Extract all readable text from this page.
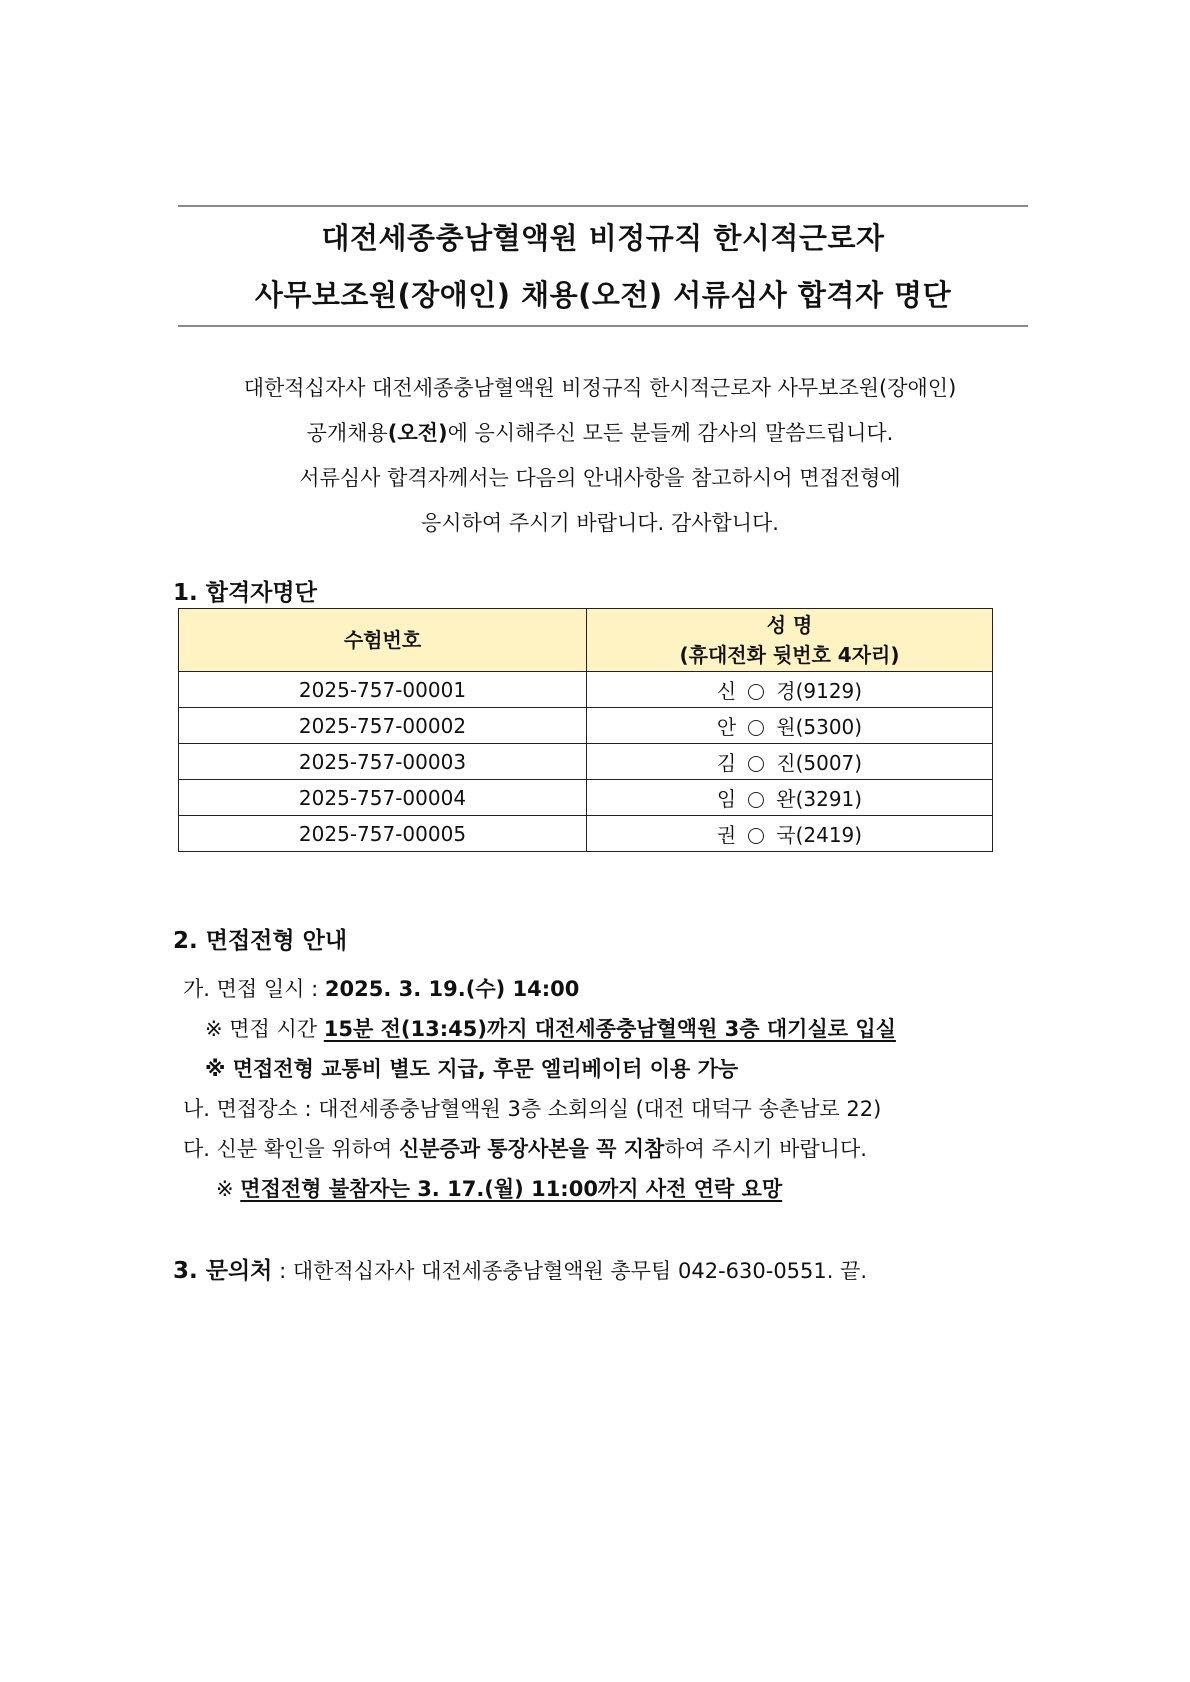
대전세종충남혈액원 비정규직 한시적근로자
사무보조원(장애인) 채용(오전) 서류심사 합격자 명단
대한적십자사 대전세종충남혈액원 비정규직 한시적근로자 사무보조원(장애인)
공개채용(오전)에 응시해주신 모든 분들께 감사의 말씀드립니다.
서류심사 합격자께서는 다음의 안내사항을 참고하시어 면접전형에
응시하여 주시기 바랍니다. 감사합니다.
1. 합격자명단
수험번호	성 명
(휴대전화 뒷번호 4자리)

2025-757-00001	신 경(9129)
2025-757-00002	안 원(5300)
2025-757-00003	김 진(5007)
2025-757-00004	임 완(3291)
2025-757-00005	권 국(2419)
2. 면접전형 안내
가. 면접 일시 : 2025. 3. 19.(수) 14:00
※ 면접 시간 15분 전(13:45)까지 대전세종충남혈액원 3층 대기실로 입실
※ 면접전형 교통비 별도 지급, 후문 엘리베이터 이용 가능
나. 면접장소 : 대전세종충남혈액원 3층 소회의실 (대전 대덕구 송촌남로 22)
다. 신분 확인을 위하여 신분증과 통장사본을 꼭 지참하여 주시기 바랍니다.
※ 면접전형 불참자는 3. 17.(월) 11:00까지 사전 연락 요망
3. 문의처 : 대한적십자사 대전세종충남혈액원 총무팀 042-630-0551. 끝.
